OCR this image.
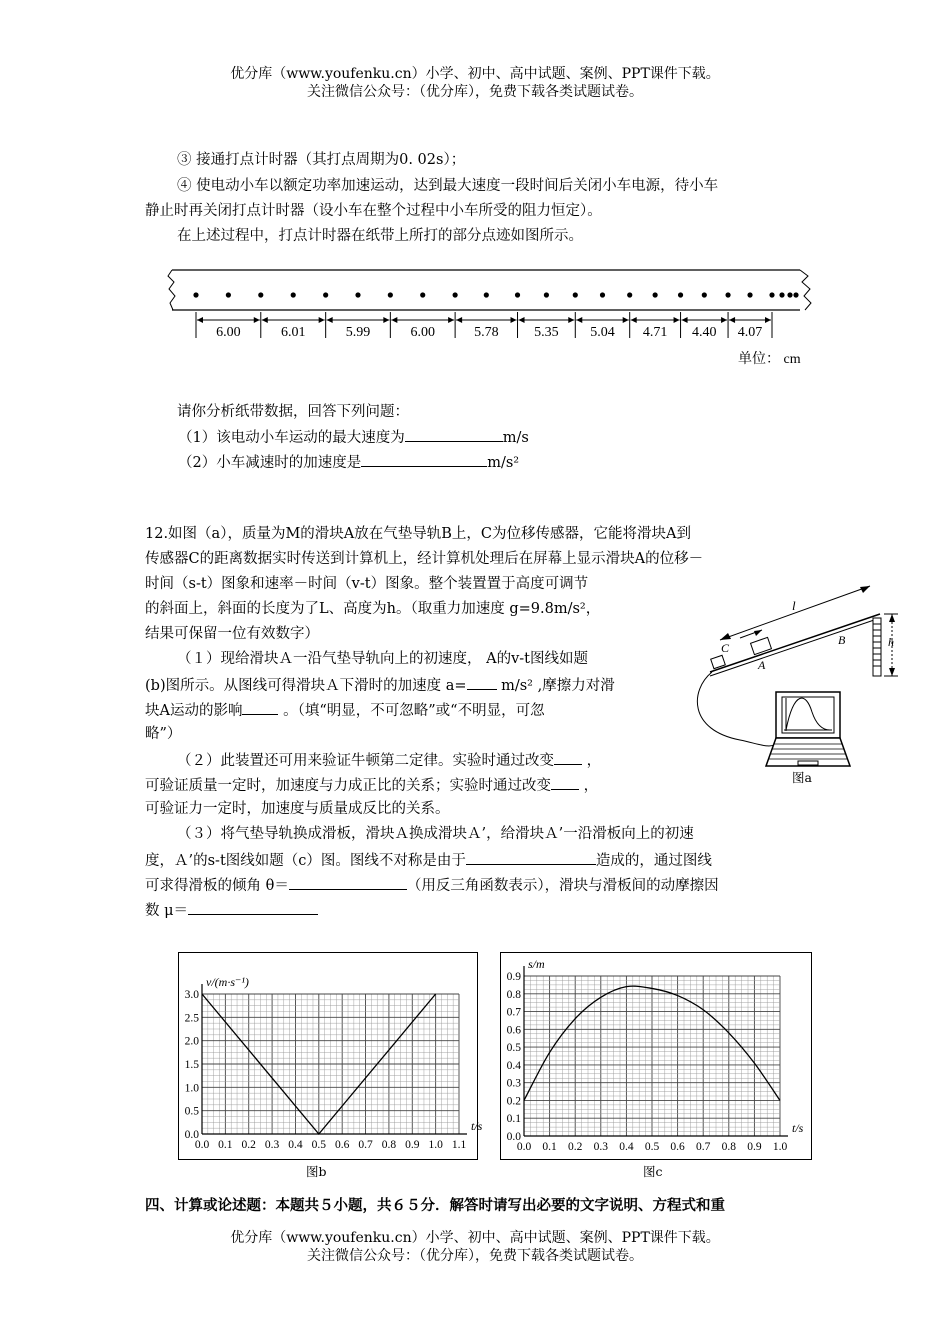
优分库（www.youfenku.cn）小学、初中、高中试题、案例、PPT课件下载。
关注微信公众号：（优分库），免费下载各类试题试卷。
③ 接通打点计时器（其打点周期为0. 02s）；
④ 使电动小车以额定功率加速运动，达到最大速度一段时间后关闭小车电源，待小车
静止时再关闭打点计时器（设小车在整个过程中小车所受的阻力恒定）。
在上述过程中，打点计时器在纸带上所打的部分点迹如图所示。
6.00	6.01	5.99	6.00	5.78	5.35 5.04 4.71 4.40 4.07
单位： cm
请你分析纸带数据，回答下列问题：
（1）该电动小车运动的最大速度为	m/s
（2）小车减速时的加速度是	m/s²
12.如图（a），质量为M的滑块A放在气垫导轨B上，C为位移传感器，它能将滑块A到
传感器C的距离数据实时传送到计算机上，经计算机处理后在屏幕上显示滑块A的位移－
时间（s-t）图象和速率－时间（v-t）图象。整个装置置于高度可调节
的斜面上，斜面的长度为了L、高度为h。（取重力加速度 g=9.8m/s²，
结果可保留一位有效数字）
（１）现给滑块Ａ一沿气垫导轨向上的初速度， A的v-t图线如题
(b)图所示。从图线可得滑块Ａ下滑时的加速度 a= m/s² ,摩擦力对滑
块A运动的影响 。（填“明显，不可忽略”或“不明显，可忽
略”）
（２）此装置还可用来验证牛顿第二定律。实验时通过改变 ，
可验证质量一定时，加速度与力成正比的关系；实验时通过改变 ，
可验证力一定时，加速度与质量成反比的关系。
（３）将气垫导轨换成滑板，滑块Ａ换成滑块Ａ’，给滑块Ａ’一沿滑板向上的初速
度，Ａ’的s-t图线如题（c）图。图线不对称是由于	造成的，通过图线
可求得滑板的倾角 θ＝	（用反三角函数表示），滑块与滑板间的动摩擦因
数 μ＝
l
h
B
C
A
图a
0.0 0.1 0.2 0.3 0.4 0.5 0.6 0.7 0.8 0.9 1.0 1.1
0.0
0.5
1.0
1.5
2.0
2.5
3.0
t/s
v/(m·s⁻¹)
图b
0.0 0.1 0.2 0.3 0.4 0.5 0.6 0.7 0.8 0.9 1.0
0.0
0.1
0.2
0.3
0.4
0.5
0.6
0.7
0.8
0.9
t/s
s/m
图c
四、计算或论述题：本题共５小题，共６５分．解答时请写出必要的文字说明、方程式和重
优分库（www.youfenku.cn）小学、初中、高中试题、案例、PPT课件下载。
关注微信公众号：（优分库），免费下载各类试题试卷。
